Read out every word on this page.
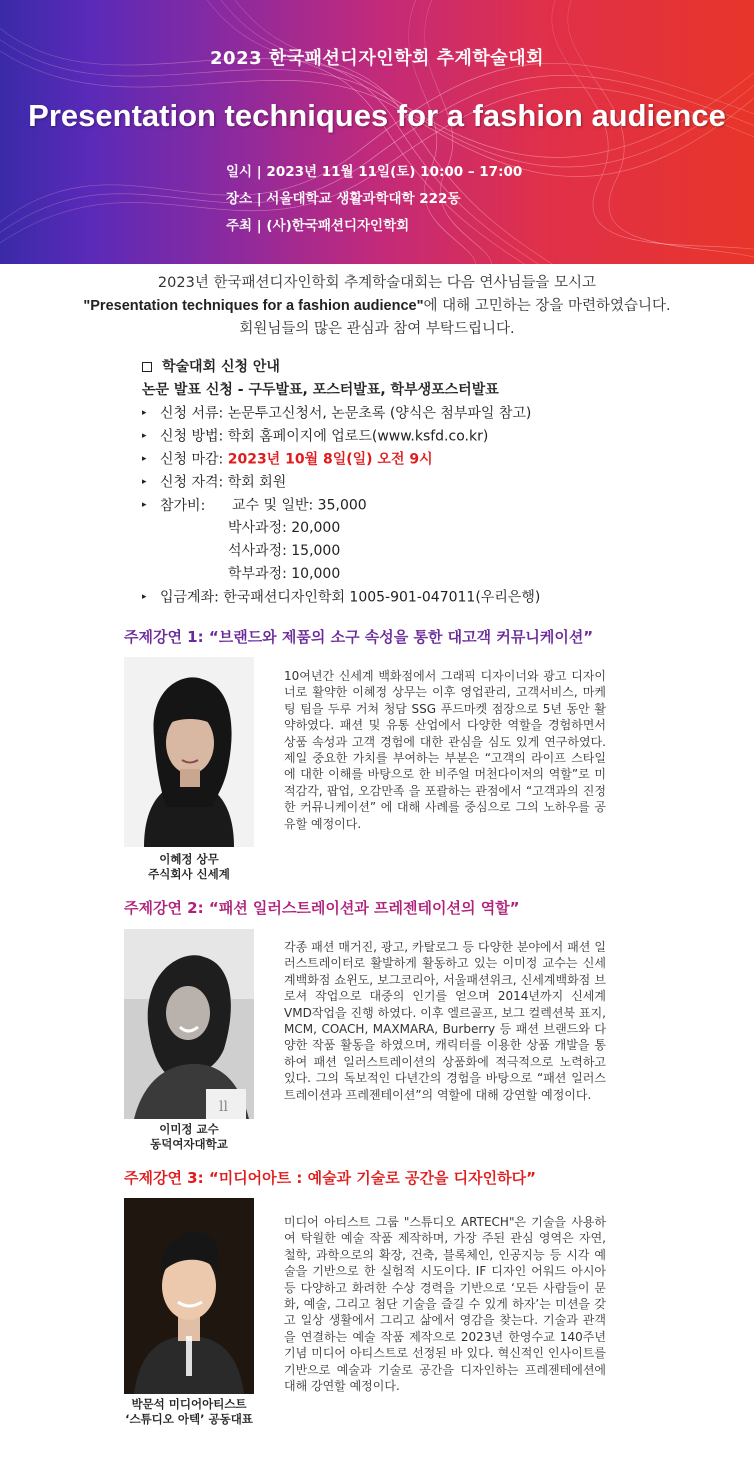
2023 한국패션디자인학회 추계학술대회
Presentation techniques for a fashion audience
일시 | 2023년 11월 11일(토) 10:00 – 17:00
장소 | 서울대학교 생활과학대학 222동
주최 | (사)한국패션디자인학회
2023년 한국패션디자인학회 추계학술대회는 다음 연사님들을 모시고
"Presentation techniques for a fashion audience"에 대해 고민하는 장을 마련하였습니다.
회원님들의 많은 관심과 참여 부탁드립니다.
학술대회 신청 안내
논문 발표 신청 - 구두발표, 포스터발표, 학부생포스터발표
▸ 신청 서류: 논문투고신청서, 논문초록 (양식은 첨부파일 참고)
▸ 신청 방법: 학회 홈페이지에 업로드(www.ksfd.co.kr)
▸ 신청 마감: 2023년 10월 8일(일) 오전 9시
▸ 신청 자격: 학회 회원
▸ 참가비: 교수 및 일반: 35,000
박사과정: 20,000
석사과정: 15,000
학부과정: 10,000
▸ 입금계좌: 한국패션디자인학회 1005-901-047011(우리은행)
주제강연 1: “브랜드와 제품의 소구 속성을 통한 대고객 커뮤니케이션”
이혜정 상무
주식회사 신세계
10여년간 신세계 백화점에서 그래픽 디자이너와 광고 디자이너로 활약한 이혜정 상무는 이후 영업관리, 고객서비스, 마케팅 팀을 두루 거쳐 청담 SSG 푸드마켓 점장으로 5년 동안 활약하였다. 패션 및 유통 산업에서 다양한 역할을 경험하면서 상품 속성과 고객 경험에 대한 관심을 심도 있게 연구하였다. 제일 중요한 가치를 부여하는 부분은 “고객의 라이프 스타일에 대한 이해를 바탕으로 한 비주얼 머천다이저의 역할”로 미적감각, 팝업, 오감만족 을 포괄하는 관점에서 “고객과의 진정한 커뮤니케이션” 에 대해 사례를 중심으로 그의 노하우를 공유할 예정이다.
주제강연 2: “패션 일러스트레이션과 프레젠테이션의 역할”
ll
이미정 교수
동덕여자대학교
각종 패션 매거진, 광고, 카탈로그 등 다양한 분야에서 패션 일러스트레이터로 활발하게 활동하고 있는 이미정 교수는 신세계백화점 쇼윈도, 보그코리아, 서울패션위크, 신세계백화점 브로셔 작업으로 대중의 인기를 얻으며 2014년까지 신세계 VMD작업을 진행 하였다. 이후 엘르골프, 보그 컬렉션북 표지, MCM, COACH, MAXMARA, Burberry 등 패션 브랜드와 다양한 작품 활동을 하였으며, 캐릭터를 이용한 상품 개발을 통하여 패션 일러스트레이션의 상품화에 적극적으로 노력하고 있다. 그의 독보적인 다년간의 경험을 바탕으로 “패션 일러스트레이션과 프레젠테이션”의 역할에 대해 강연할 예정이다.
주제강연 3: “미디어아트 : 예술과 기술로 공간을 디자인하다”
박문석 미디어아티스트
‘스튜디오 아텍’ 공동대표
미디어 아티스트 그룹 "스튜디오 ARTECH"은 기술을 사용하여 탁월한 예술 작품 제작하며, 가장 주된 관심 영역은 자연, 철학, 과학으로의 확장, 건축, 블록체인, 인공지능 등 시각 예술을 기반으로 한 실험적 시도이다. IF 디자인 어워드 아시아 등 다양하고 화려한 수상 경력을 기반으로 ‘모든 사람들이 문화, 예술, 그리고 첨단 기술을 즐길 수 있게 하자’는 미션을 갖고 일상 생활에서 그리고 삶에서 영감을 찾는다. 기술과 관객을 연결하는 예술 작품 제작으로 2023년 한영수교 140주년 기념 미디어 아티스트로 선정된 바 있다. 혁신적인 인사이트를 기반으로 예술과 기술로 공간을 디자인하는 프레젠테에션에 대해 강연할 예정이다.
